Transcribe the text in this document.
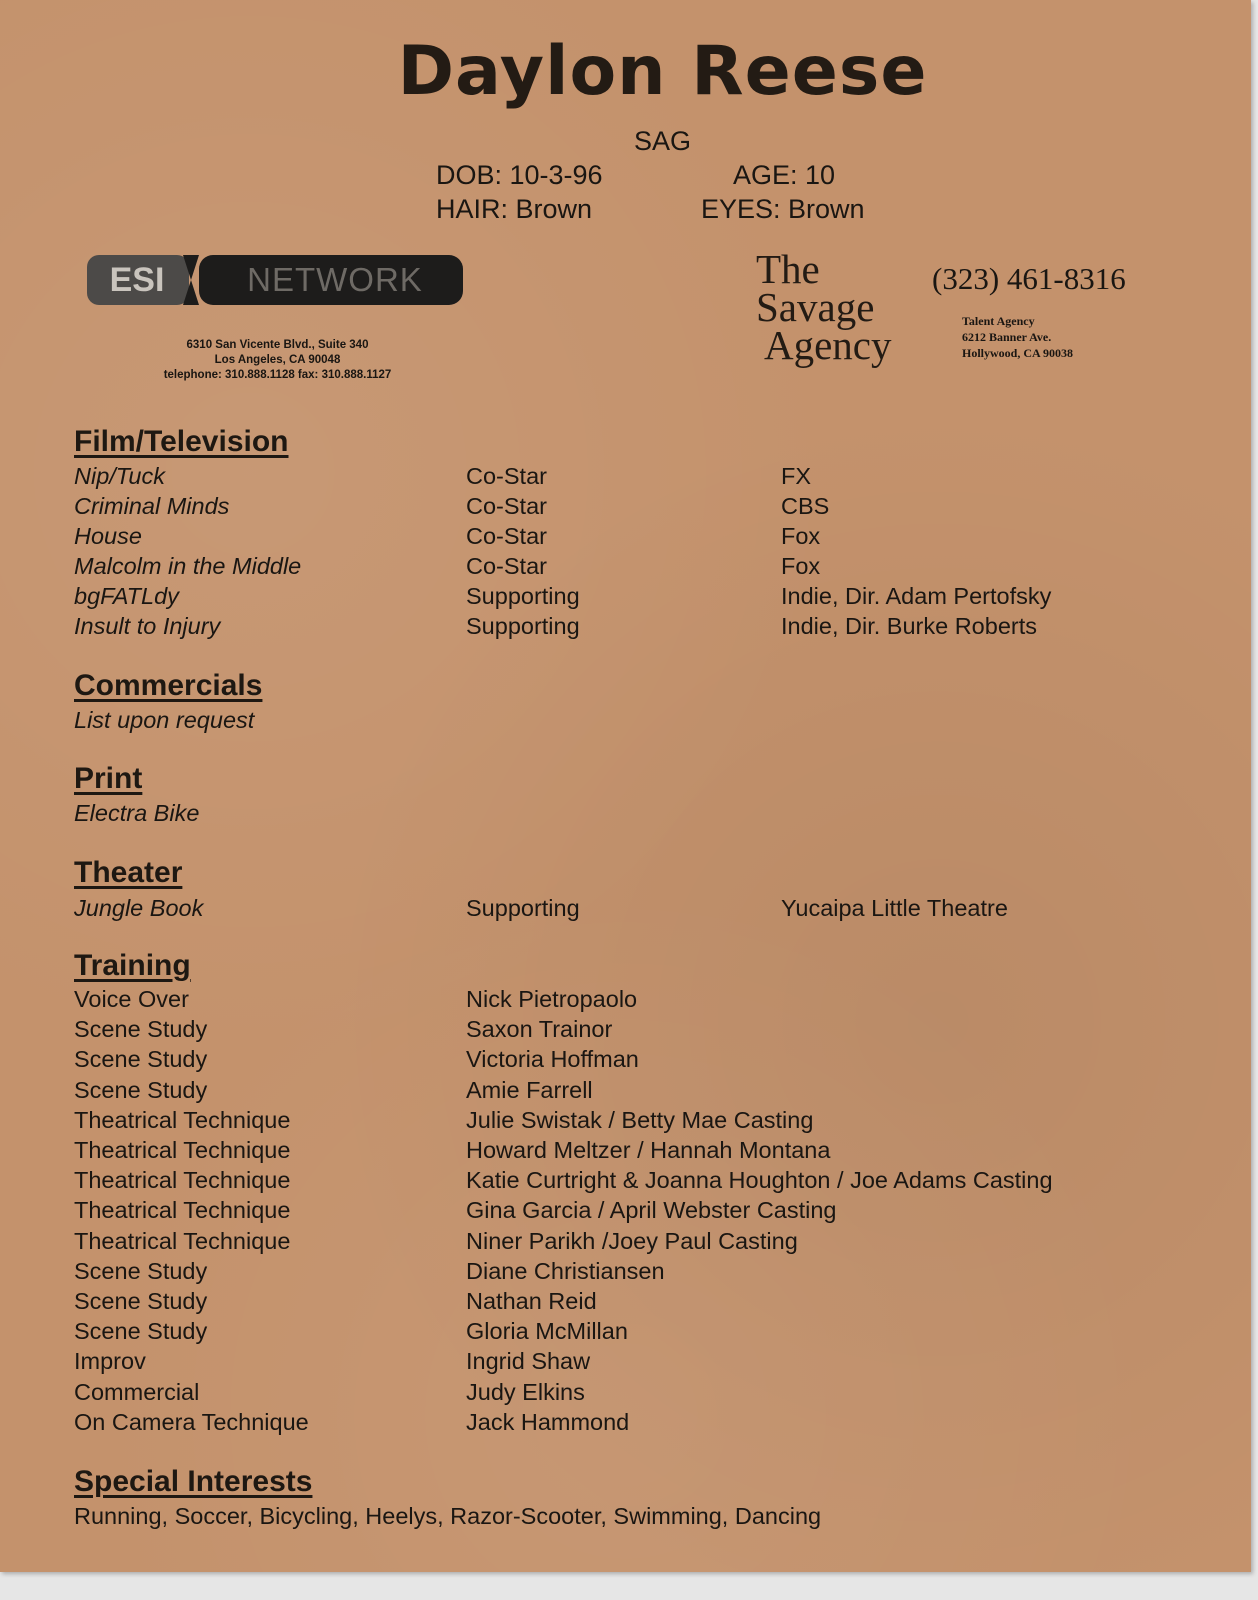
Daylon Reese
SAG
DOB: 10-3-96	AGE: 10
HAIR: Brown	EYES: Brown
ESI	NETWORK
6310 San Vicente Blvd., Suite 340
Los Angeles, CA 90048
telephone: 310.888.1128 fax: 310.888.1127
The
Savage
Agency
(323) 461-8316
Talent Agency
6212 Banner Ave.
Hollywood, CA 90038
Film/Television
Nip/Tuck	Co-Star	FX
Criminal Minds	Co-Star	CBS
House	Co-Star	Fox
Malcolm in the Middle	Co-Star	Fox
bgFATLdy	Supporting	Indie, Dir. Adam Pertofsky
Insult to Injury	Supporting	Indie, Dir. Burke Roberts
Commercials
List upon request
Print
Electra Bike
Theater
Jungle Book	Supporting	Yucaipa Little Theatre
Training
Voice Over	Nick Pietropaolo
Scene Study	Saxon Trainor
Scene Study	Victoria Hoffman
Scene Study	Amie Farrell
Theatrical Technique	Julie Swistak / Betty Mae Casting
Theatrical Technique	Howard Meltzer / Hannah Montana
Theatrical Technique	Katie Curtright & Joanna Houghton / Joe Adams Casting
Theatrical Technique	Gina Garcia / April Webster Casting
Theatrical Technique	Niner Parikh /Joey Paul Casting
Scene Study	Diane Christiansen
Scene Study	Nathan Reid
Scene Study	Gloria McMillan
Improv	Ingrid Shaw
Commercial	Judy Elkins
On Camera Technique	Jack Hammond
Special Interests
Running, Soccer, Bicycling, Heelys, Razor-Scooter, Swimming, Dancing
